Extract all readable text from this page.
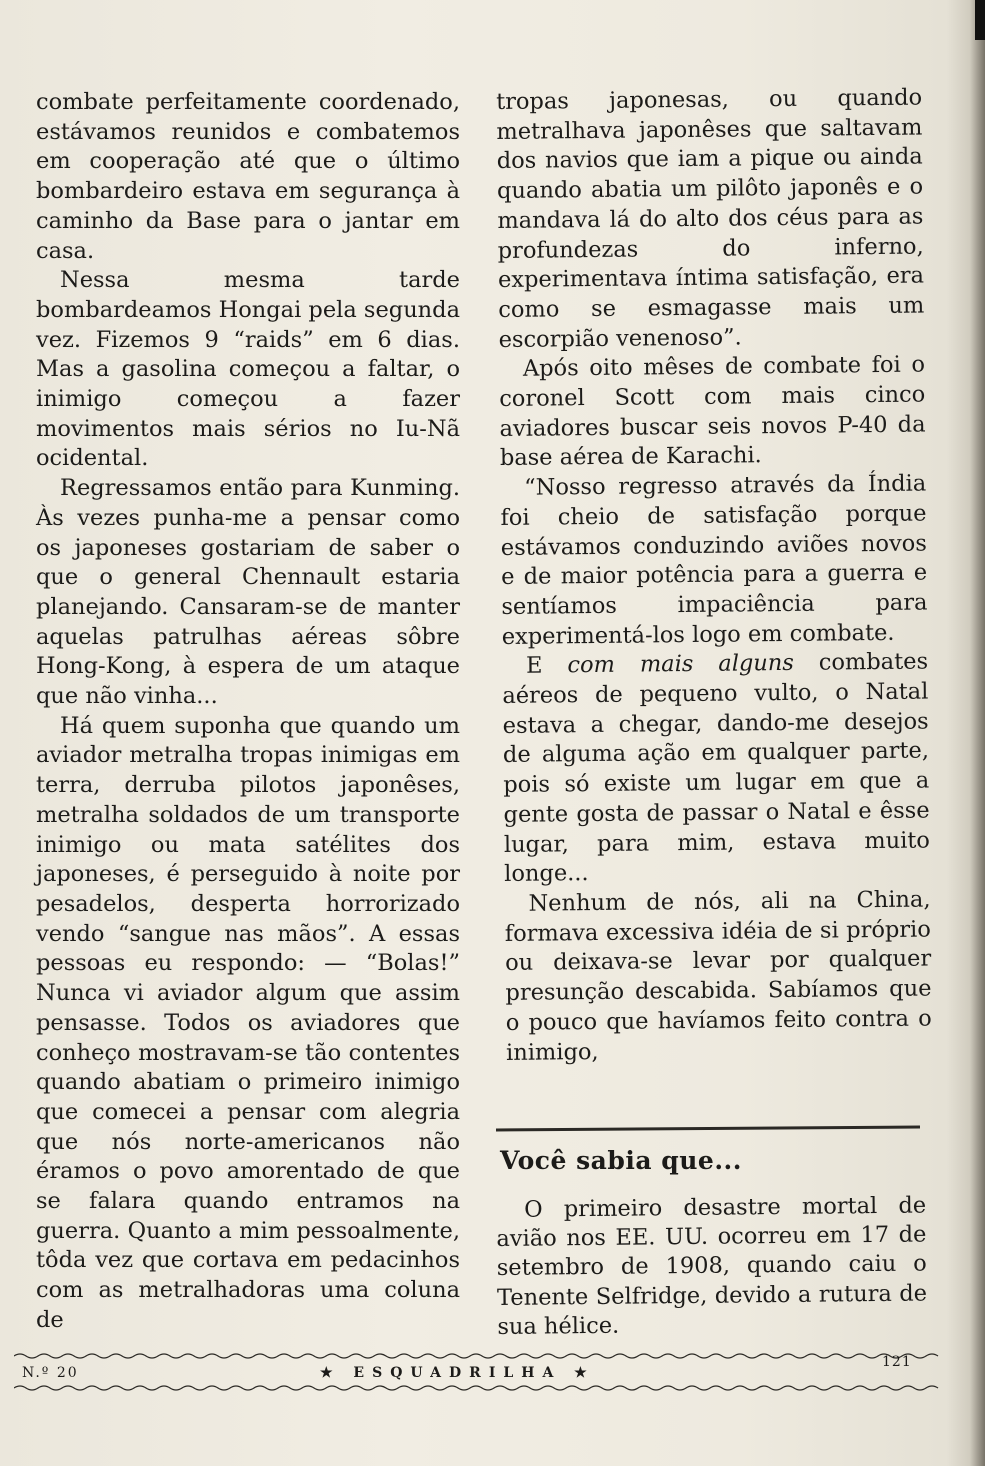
combate perfeitamente coordenado, estávamos reunidos e combatemos em cooperação até que o último bombardeiro estava em segurança à caminho da Base para o jantar em casa.

Nessa mesma tarde bombardeamos Hongai pela segunda vez. Fizemos 9 “raids” em 6 dias. Mas a gasolina começou a faltar, o inimigo começou a fazer movimentos mais sérios no Iu-Nã ocidental.

Regressamos então para Kunming. Às vezes punha-me a pensar como os japoneses gostariam de saber o que o general Chennault estaria planejando. Cansaram-se de manter aquelas patrulhas aéreas sôbre Hong-Kong, à espera de um ataque que não vinha...

Há quem suponha que quando um aviador metralha tropas inimigas em terra, derruba pilotos japonêses, metralha soldados de um transporte inimigo ou mata satélites dos japoneses, é perseguido à noite por pesadelos, desperta horrorizado vendo “sangue nas mãos”. A essas pessoas eu respondo: — “Bolas!” Nunca vi aviador algum que assim pensasse. Todos os aviadores que conheço mostravam-se tão contentes quando abatiam o primeiro inimigo que comecei a pensar com alegria que nós norte-americanos não éramos o povo amorentado de que se falara quando entramos na guerra. Quanto a mim pessoalmente, tôda vez que cortava em pedacinhos com as metralhadoras uma coluna de

tropas japonesas, ou quando metralhava japonêses que saltavam dos navios que iam a pique ou ainda quando abatia um pilôto japonês e o mandava lá do alto dos céus para as profundezas do inferno, experimentava íntima satisfação, era como se esmagasse mais um escorpião venenoso”.

Após oito mêses de combate foi o coronel Scott com mais cinco aviadores buscar seis novos P-40 da base aérea de Karachi.

“Nosso regresso através da Índia foi cheio de satisfação porque estávamos conduzindo aviões novos e de maior potência para a guerra e sentíamos impaciência para experimentá-los logo em combate.

E com mais alguns combates aéreos de pequeno vulto, o Natal estava a chegar, dando-me desejos de alguma ação em qualquer parte, pois só existe um lugar em que a gente gosta de passar o Natal e êsse lugar, para mim, estava muito longe...

Nenhum de nós, ali na China, formava excessiva idéia de si próprio ou deixava-se levar por qualquer presunção descabida. Sabíamos que o pouco que havíamos feito contra o inimigo,

Você sabia que...

O primeiro desastre mortal de avião nos EE. UU. ocorreu em 17 de setembro de 1908, quando caiu o Tenente Selfridge, devido a rutura de sua hélice.

N.º 20	★ ESQUADRILHA ★
121
